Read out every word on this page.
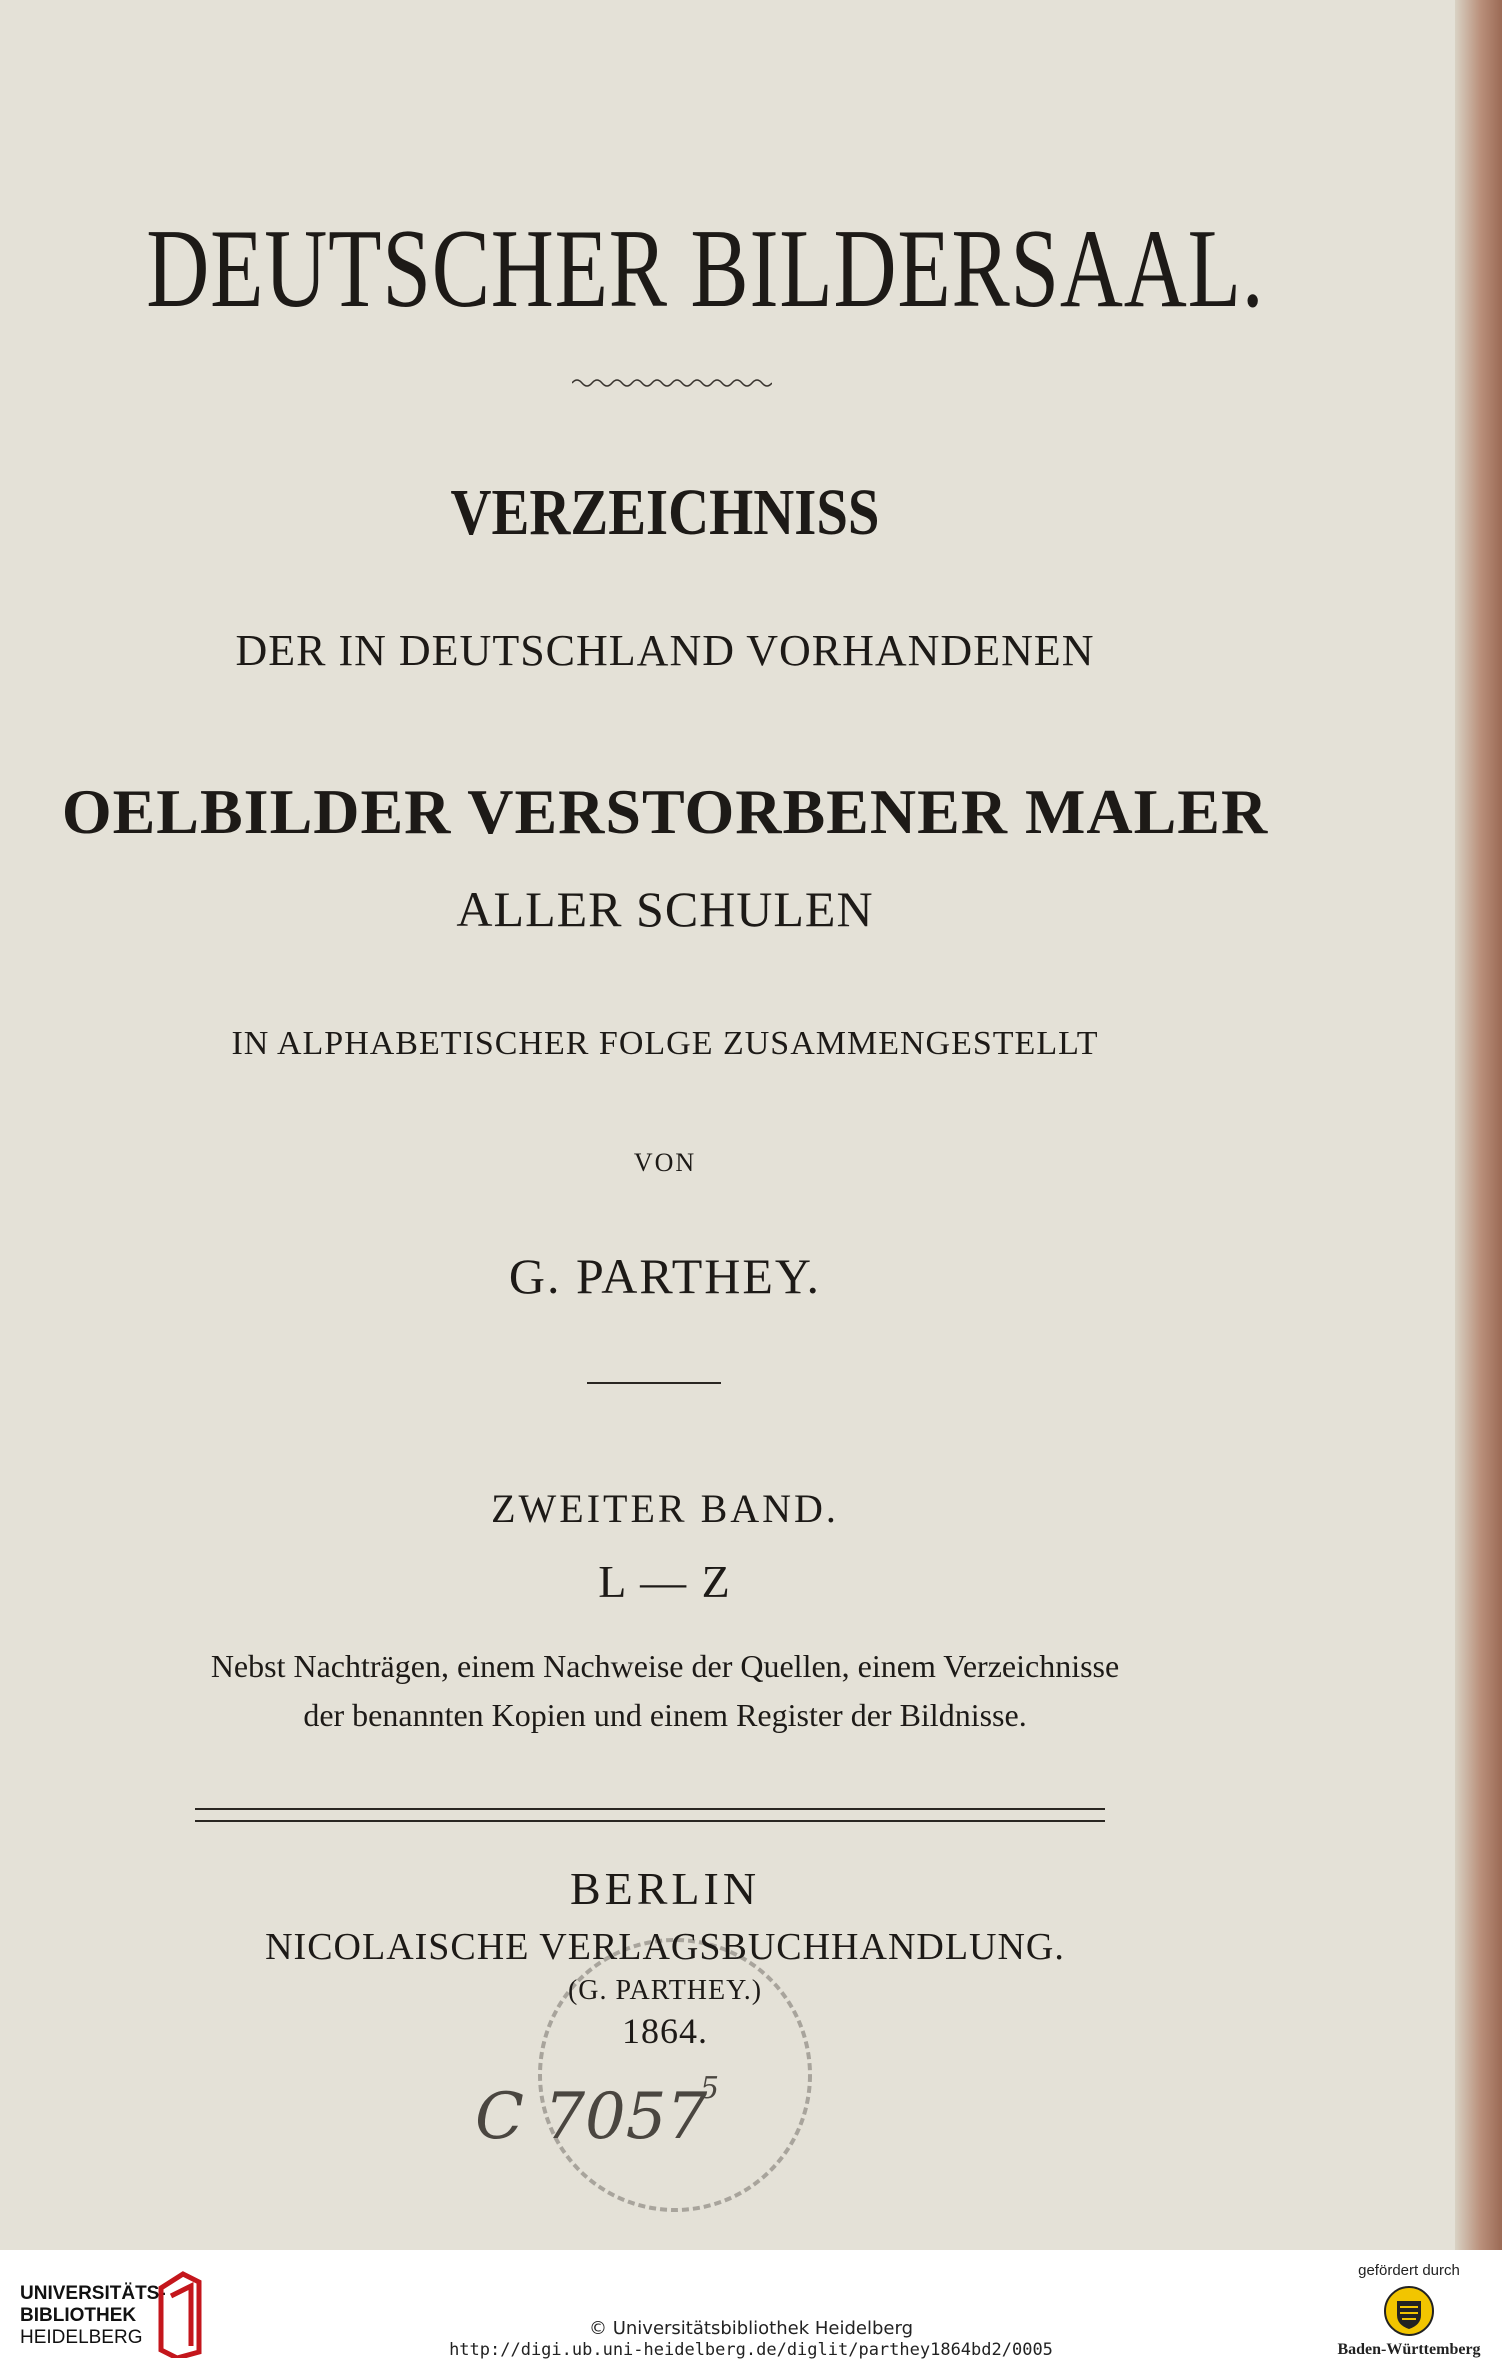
DEUTSCHER BILDERSAAL.

VERZEICHNISS

DER IN DEUTSCHLAND VORHANDENEN

OELBILDER VERSTORBENER MALER

ALLER SCHULEN

IN ALPHABETISCHER FOLGE ZUSAMMENGESTELLT

VON

G. PARTHEY.

ZWEITER BAND.

L — Z

Nebst Nachträgen, einem Nachweise der Quellen, einem Verzeichnisse

der benannten Kopien und einem Register der Bildnisse.

BERLIN

NICOLAISCHE VERLAGSBUCHHANDLUNG.

(G. PARTHEY.)

1864.

C 7057
5
UNIVERSITÄTS-
BIBLIOTHEK
HEIDELBERG	© Universitätsbibliothek Heidelberg
http://digi.ub.uni-heidelberg.de/diglit/parthey1864bd2/0005
gefördert durch
Baden-Württemberg
